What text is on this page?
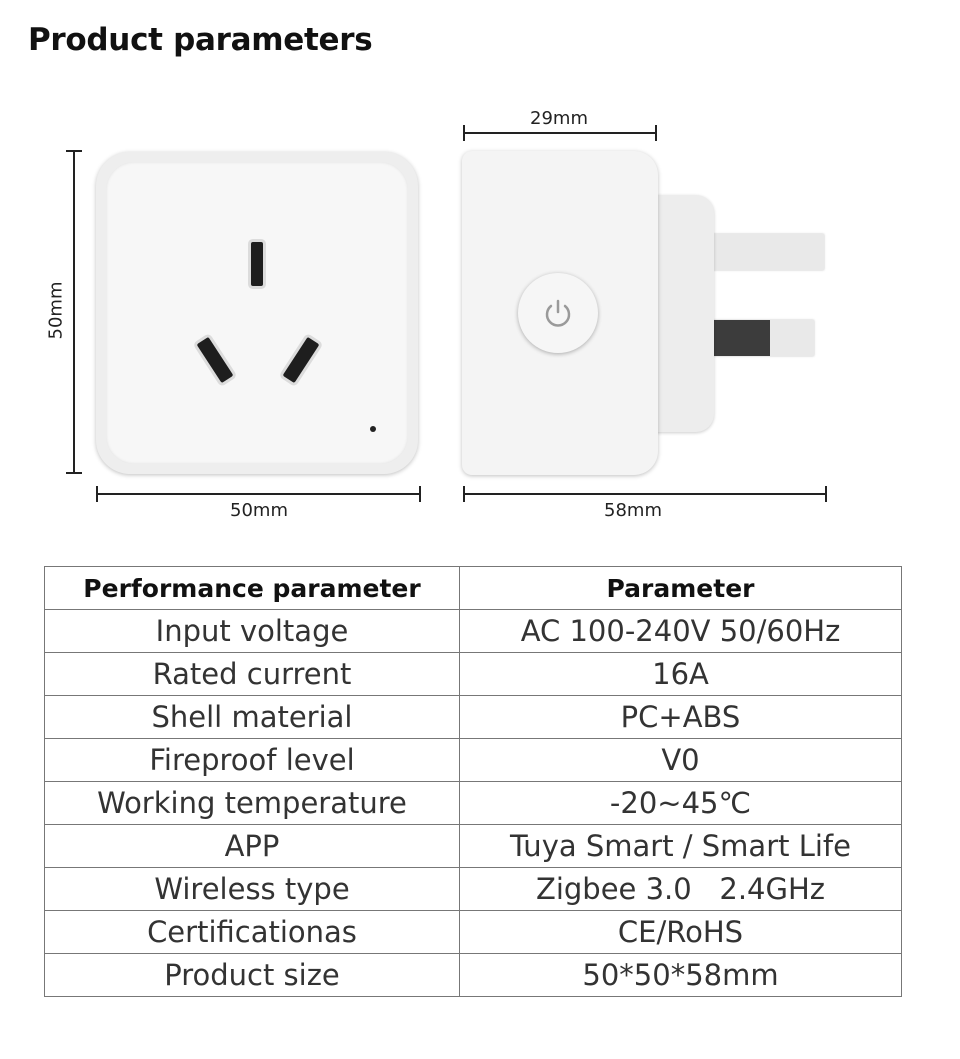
Product parameters
50mm
50mm
29mm
58mm
Performance parameter	Parameter
Input voltage	AC 100-240V 50/60Hz
Rated current	16A
Shell material	PC+ABS
Fireproof level	V0
Working temperature	-20~45℃
APP	Tuya Smart / Smart Life
Wireless type	Zigbee 3.0   2.4GHz
Certificationas	CE/RoHS
Product size	50*50*58mm
